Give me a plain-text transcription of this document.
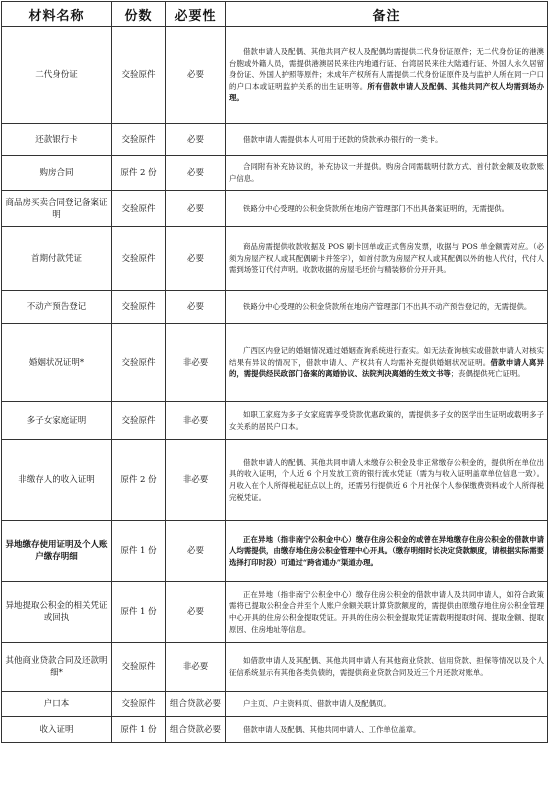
材料名称	份数	必要性	备注
二代身份证	交验原件	必要	借款申请人及配偶、其他共同产权人及配偶均需提供二代身份证原件；无二代身份证的港澳台胞或外籍人员，需提供港澳居民来往内地通行证、台湾居民来往大陆通行证、外国人永久居留身份证、外国人护照等原件；未成年产权所有人需提供二代身份证原件及与监护人所在同一户口的户口本或证明监护关系的出生证明等。所有借款申请人及配偶、其他共同产权人均需到场办理。
还款银行卡	交验原件	必要	借款申请人需提供本人可用于还款的贷款承办银行的一类卡。
购房合同	原件 2 份	必要	合同附有补充协议的，补充协议一并提供。购房合同需载明付款方式、首付款金额及收款账户信息。
商品房买卖合同登记备案证明	交验原件	必要	铁路分中心受理的公积金贷款所在地房产管理部门不出具备案证明的，无需提供。
首期付款凭证	交验原件	必要	商品房需提供收款收据及 POS 刷卡回单或正式售房发票，收据与 POS 单金额需对应。（必须为房屋产权人或其配偶刷卡并签字），如首付款为房屋产权人或其配偶以外的他人代付，代付人需到场签订代付声明。收款收据的房屋毛坯价与精装修价分开开具。
不动产预告登记	交验原件	必要	铁路分中心受理的公积金贷款所在地房产管理部门不出具不动产预告登记的，无需提供。
婚姻状况证明*	交验原件	非必要	广西区内登记的婚姻情况通过婚姻查询系统进行查实。如无法查询核实或借款申请人对核实结果有异议的情况下，借款申请人、产权共有人均需补充提供婚姻状况证明。借款申请人离异的，需提供经民政部门备案的离婚协议、法院判决离婚的生效文书等；丧偶提供死亡证明。
多子女家庭证明	交验原件	非必要	如职工家庭为多子女家庭需享受贷款优惠政策的，需提供多子女的医学出生证明或载明多子女关系的居民户口本。
非缴存人的收入证明	原件 2 份	非必要	借款申请人的配偶、其他共同申请人未缴存公积金及非正常缴存公积金的，提供所在单位出具的收入证明，个人近 6 个月发放工资的银行流水凭证（需为与收入证明盖章单位信息一致）。月收入在个人所得税起征点以上的，还需另行提供近 6 个月社保个人参保缴费资料或个人所得税完税凭证。
异地缴存使用证明及个人账户缴存明细	原件 1 份	必要	正在异地（指非南宁公积金中心）缴存住房公积金的或曾在异地缴存住房公积金的借款申请人均需提供，由缴存地住房公积金管理中心开具。（缴存明细时长决定贷款额度，请根据实际需要选择打印时段）可通过“跨省通办”渠道办理。
异地提取公积金的相关凭证或回执	原件 1 份	必要	正在异地（指非南宁公积金中心）缴存住房公积金的借款申请人及共同申请人，如符合政策需将已提取公积金合并至个人账户余额关联计算贷款额度的，需提供由原缴存地住房公积金管理中心开具的住房公积金提取凭证。开具的住房公积金提取凭证需载明提取时间、提取金额、提取原因、住房地址等信息。
其他商业贷款合同及还款明细*	交验原件	非必要	如借款申请人及其配偶、其他共同申请人有其他商业贷款、信用贷款、担保等情况以及个人征信系统显示有其他各类负债的，需提供商业贷款合同及近三个月还款对账单。
户口本	交验原件	组合贷款必要	户主页、户主资料页、借款申请人及配偶页。
收入证明	原件 1 份	组合贷款必要	借款申请人及配偶、其他共同申请人、工作单位盖章。
